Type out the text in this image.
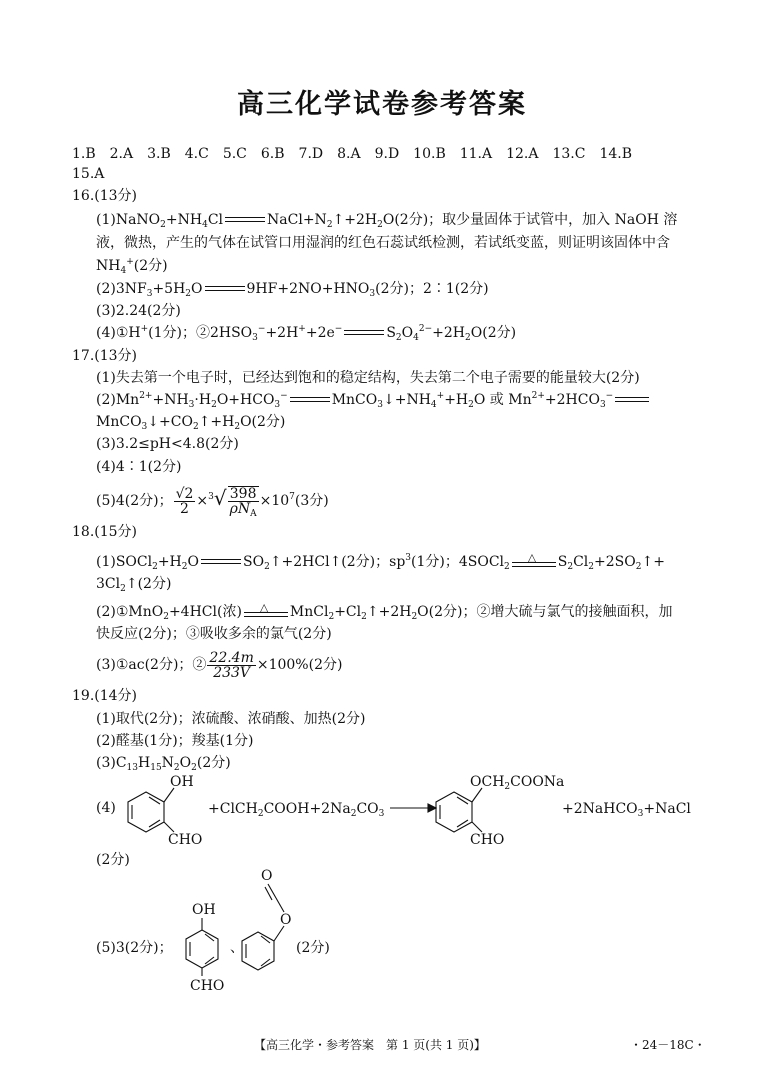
高三化学试卷参考答案
1.B　2.A　3.B　4.C　5.C　6.B　7.D　8.A　9.D　10.B　11.A　12.A　13.C　14.B
15.A
16.(13分)
$(1)NaNO_2+NH_4Cl$	$NaCl+N_2↑+2H_2O(2$分)；取少量固体于试管中，加入 NaOH 溶
液，微热，产生的气体在试管口用湿润的红色石蕊试纸检测，若试纸变蓝，则证明该固体中含
$NH_4^+(2$分)
$(2)3NF_3+5H_2O$	$9HF+2NO+HNO_3(2$分)；2∶1(2分)
(3)2.24(2分)
(4)①H+(1分)；$②2HSO_3^-+2H^++2e^-$	$S_2O_4^{2-}+2H_2O(2$分)
17.(13分)
(1)失去第一个电子时，已经达到饱和的稳定结构，失去第二个电子需要的能量较大(2分)
$(2)Mn^{2+}+NH_3\cdot H_2O+HCO_3^-$	$MnCO_3↓+NH_4^++H_2O$ 或 $Mn^{2+}+2HCO_3^-$
$MnCO_3↓+CO_2↑+H_2O(2$分)
(3)3.2≤pH<4.8(2分)
(4)4∶1(2分)
(5)4(2分)； $\frac{√2}{2} \times^3√ \frac{398}{\rho N_A} \times 10^7(3$分)
18.(15分)
$(1)SOCl_2+H_2O$	$SO_2↑+2HCl↑(2$分)；$sp^3(1$分)；4SOCl$_2$
△ $S_2Cl_2+2SO_2↑+$
$3Cl_2↑(2$分)
(2)①MnO$_2$+4HCl(浓) △ $MnCl_2+Cl_2↑+2H_2O(2$分)；②增大硫与氯气的接触面积，加
快反应(2分)；③吸收多余的氯气(2分)
(3)①ac(2分)；② $\frac{22.4m}{233V} \times 100\%(2$分)
19.(14分)
(1)取代(2分)；浓硫酸、浓硝酸、加热(2分)
(2)醛基(1分)；羧基(1分)
$(3)C_{13}H_{15}N_2O_2(2$分)
(4)
OH
CHO
$+ClCH_2COOH+2Na_2CO_3$
$OCH_2COONa$
CHO
+2NaHCO$_3$+NaCl
(2分)
(5)3(2分)；
OH
CHO
、
O
O
(2分)
【高三化学・参考答案　第 1 页(共 1 页)】	・24－18C・
